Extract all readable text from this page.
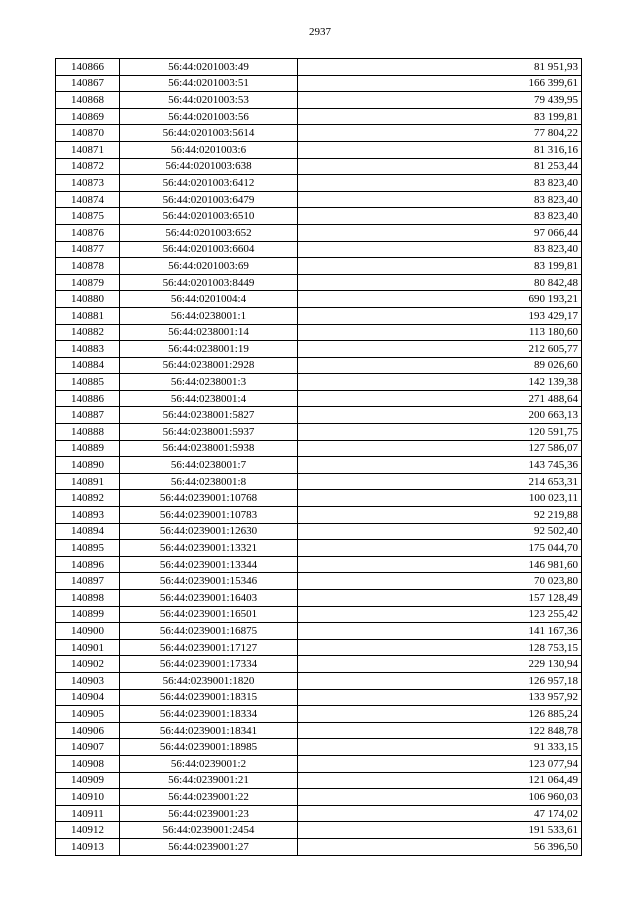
2937
140866	56:44:0201003:49	81 951,93
140867	56:44:0201003:51	166 399,61
140868	56:44:0201003:53	79 439,95
140869	56:44:0201003:56	83 199,81
140870	56:44:0201003:5614	77 804,22
140871	56:44:0201003:6	81 316,16
140872	56:44:0201003:638	81 253,44
140873	56:44:0201003:6412	83 823,40
140874	56:44:0201003:6479	83 823,40
140875	56:44:0201003:6510	83 823,40
140876	56:44:0201003:652	97 066,44
140877	56:44:0201003:6604	83 823,40
140878	56:44:0201003:69	83 199,81
140879	56:44:0201003:8449	80 842,48
140880	56:44:0201004:4	690 193,21
140881	56:44:0238001:1	193 429,17
140882	56:44:0238001:14	113 180,60
140883	56:44:0238001:19	212 605,77
140884	56:44:0238001:2928	89 026,60
140885	56:44:0238001:3	142 139,38
140886	56:44:0238001:4	271 488,64
140887	56:44:0238001:5827	200 663,13
140888	56:44:0238001:5937	120 591,75
140889	56:44:0238001:5938	127 586,07
140890	56:44:0238001:7	143 745,36
140891	56:44:0238001:8	214 653,31
140892	56:44:0239001:10768	100 023,11
140893	56:44:0239001:10783	92 219,88
140894	56:44:0239001:12630	92 502,40
140895	56:44:0239001:13321	175 044,70
140896	56:44:0239001:13344	146 981,60
140897	56:44:0239001:15346	70 023,80
140898	56:44:0239001:16403	157 128,49
140899	56:44:0239001:16501	123 255,42
140900	56:44:0239001:16875	141 167,36
140901	56:44:0239001:17127	128 753,15
140902	56:44:0239001:17334	229 130,94
140903	56:44:0239001:1820	126 957,18
140904	56:44:0239001:18315	133 957,92
140905	56:44:0239001:18334	126 885,24
140906	56:44:0239001:18341	122 848,78
140907	56:44:0239001:18985	91 333,15
140908	56:44:0239001:2	123 077,94
140909	56:44:0239001:21	121 064,49
140910	56:44:0239001:22	106 960,03
140911	56:44:0239001:23	47 174,02
140912	56:44:0239001:2454	191 533,61
140913	56:44:0239001:27	56 396,50
